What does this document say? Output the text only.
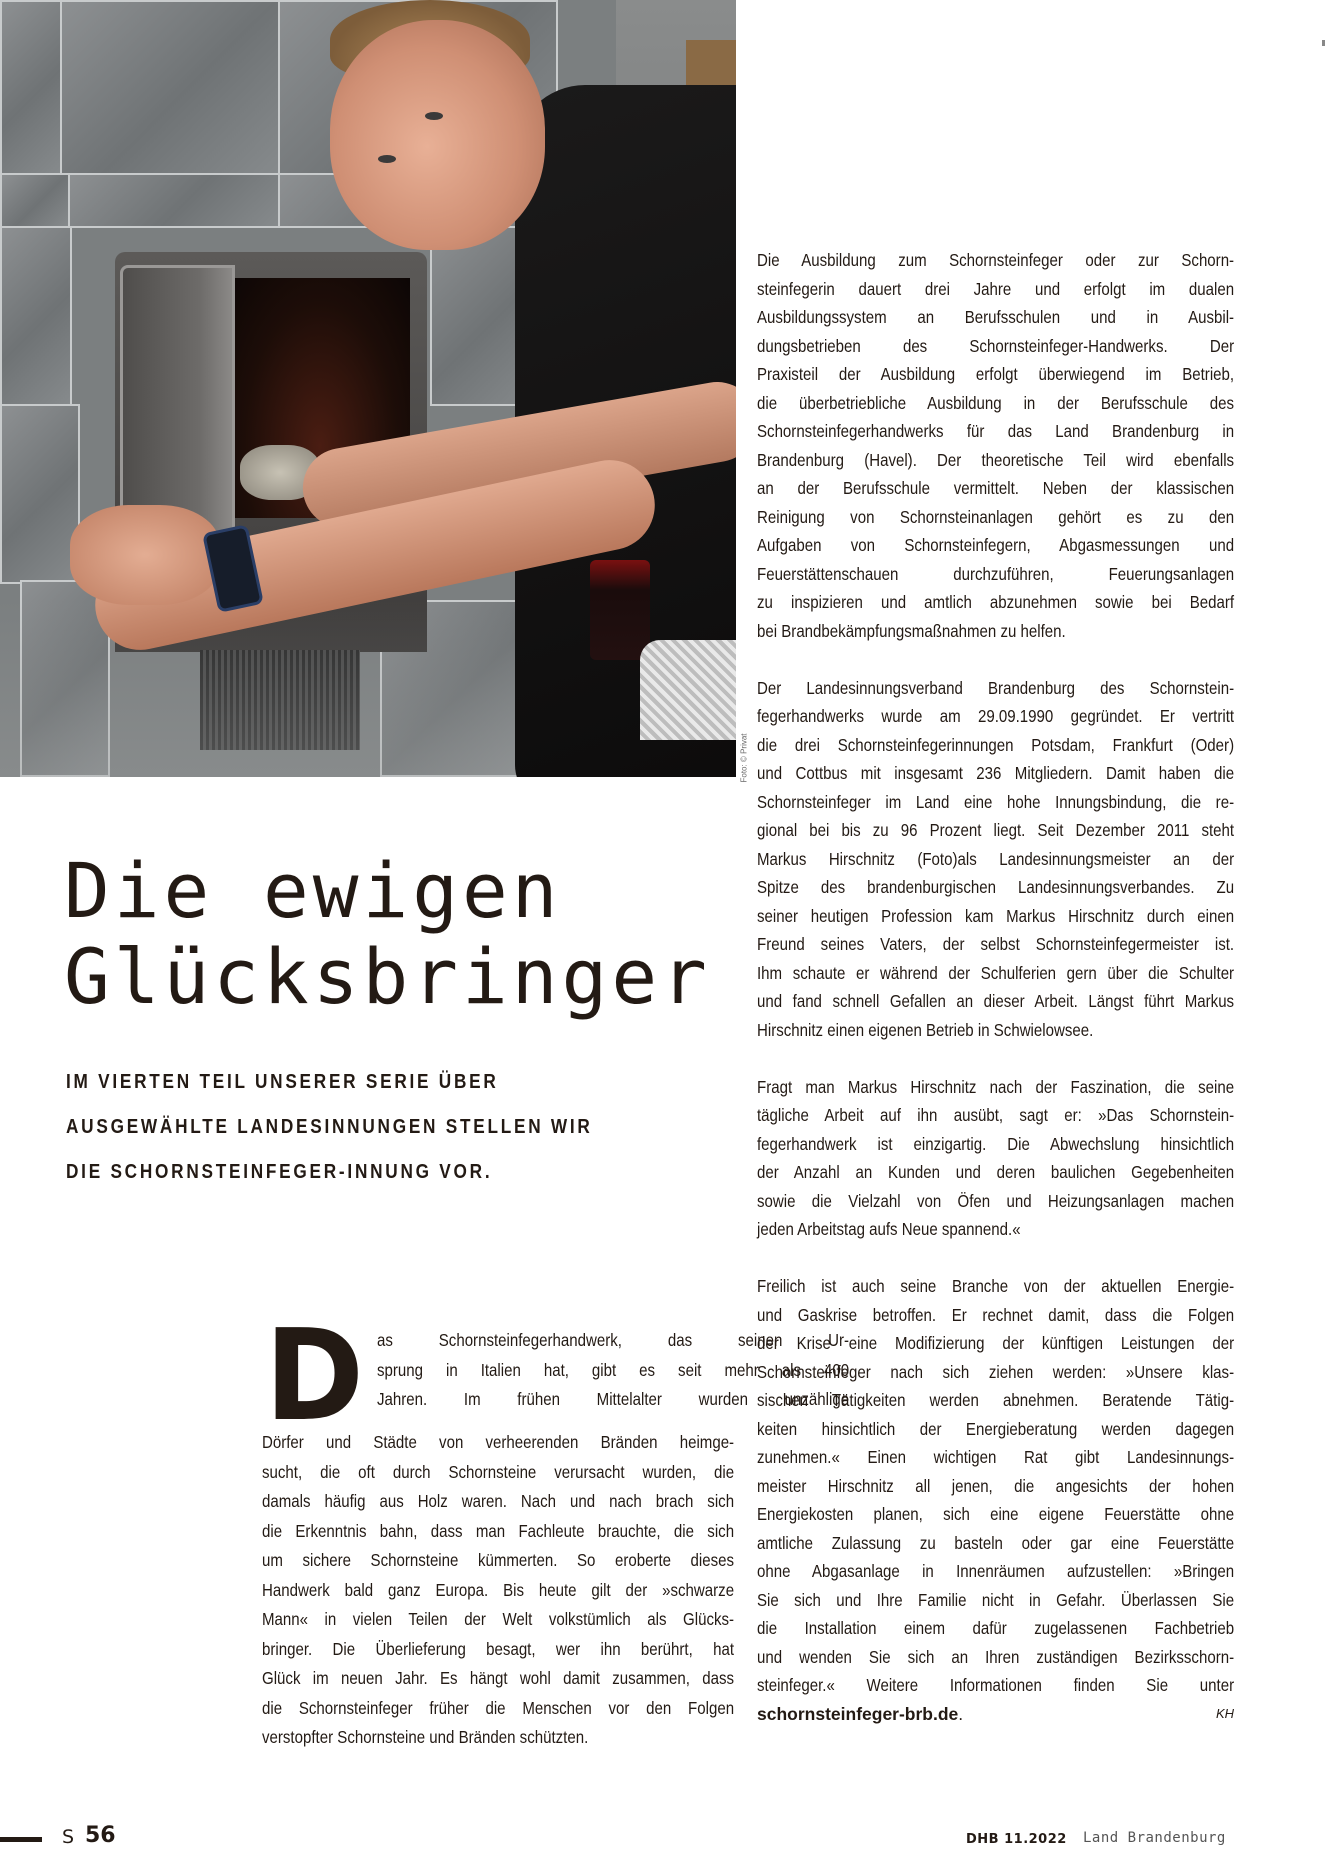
Foto: © Privat
Die ewigen
Glücksbringer
IM VIERTEN TEIL UNSERER SERIE ÜBER
AUSGEWÄHLTE LANDESINNUNGEN STELLEN WIR
DIE SCHORNSTEINFEGER-INNUNG VOR.

D as Schornsteinfegerhandwerk, das seinen Ur-
sprung in Italien hat, gibt es seit mehr als 400
Jahren. Im frühen Mittelalter wurden unzählige
Dörfer und Städte von verheerenden Bränden heimge-
sucht, die oft durch Schornsteine verursacht wurden, die
damals häufig aus Holz waren. Nach und nach brach sich
die Erkenntnis bahn, dass man Fachleute brauchte, die sich
um sichere Schornsteine kümmerten. So eroberte dieses
Handwerk bald ganz Europa. Bis heute gilt der »schwarze
Mann« in vielen Teilen der Welt volkstümlich als Glücks-
bringer. Die Überlieferung besagt, wer ihn berührt, hat
Glück im neuen Jahr. Es hängt wohl damit zusammen, dass
die Schornsteinfeger früher die Menschen vor den Folgen
verstopfter Schornsteine und Bränden schützten.

Die Ausbildung zum Schornsteinfeger oder zur Schorn-
steinfegerin dauert drei Jahre und erfolgt im dualen
Ausbildungssystem an Berufsschulen und in Ausbil-
dungsbetrieben des Schornsteinfeger-Handwerks. Der
Praxisteil der Ausbildung erfolgt überwiegend im Betrieb,
die überbetriebliche Ausbildung in der Berufsschule des
Schornsteinfegerhandwerks für das Land Brandenburg in
Brandenburg (Havel). Der theoretische Teil wird ebenfalls
an der Berufsschule vermittelt. Neben der klassischen
Reinigung von Schornsteinanlagen gehört es zu den
Aufgaben von Schornsteinfegern, Abgasmessungen und
Feuerstättenschauen durchzuführen, Feuerungsanlagen
zu inspizieren und amtlich abzunehmen sowie bei Bedarf
bei Brandbekämpfungsmaßnahmen zu helfen.

Der Landesinnungsverband Brandenburg des Schornstein-
fegerhandwerks wurde am 29.09.1990 gegründet. Er vertritt
die drei Schornsteinfegerinnungen Potsdam, Frankfurt (Oder)
und Cottbus mit insgesamt 236 Mitgliedern. Damit haben die
Schornsteinfeger im Land eine hohe Innungsbindung, die re-
gional bei bis zu 96 Prozent liegt. Seit Dezember 2011 steht
Markus Hirschnitz (Foto)als Landesinnungsmeister an der
Spitze des brandenburgischen Landesinnungsverbandes. Zu
seiner heutigen Profession kam Markus Hirschnitz durch einen
Freund seines Vaters, der selbst Schornsteinfegermeister ist.
Ihm schaute er während der Schulferien gern über die Schulter
und fand schnell Gefallen an dieser Arbeit. Längst führt Markus
Hirschnitz einen eigenen Betrieb in Schwielowsee.

Fragt man Markus Hirschnitz nach der Faszination, die seine
tägliche Arbeit auf ihn ausübt, sagt er: »Das Schornstein-
fegerhandwerk ist einzigartig. Die Abwechslung hinsichtlich
der Anzahl an Kunden und deren baulichen Gegebenheiten
sowie die Vielzahl von Öfen und Heizungsanlagen machen
jeden Arbeitstag aufs Neue spannend.«

Freilich ist auch seine Branche von der aktuellen Energie-
und Gaskrise betroffen. Er rechnet damit, dass die Folgen
der Krise eine Modifizierung der künftigen Leistungen der
Schornsteinfeger nach sich ziehen werden: »Unsere klas-
sischen Tätigkeiten werden abnehmen. Beratende Tätig-
keiten hinsichtlich der Energieberatung werden dagegen
zunehmen.« Einen wichtigen Rat gibt Landesinnungs-
meister Hirschnitz all jenen, die angesichts der hohen
Energiekosten planen, sich eine eigene Feuerstätte ohne
amtliche Zulassung zu basteln oder gar eine Feuerstätte
ohne Abgasanlage in Innenräumen aufzustellen: »Bringen
Sie sich und Ihre Familie nicht in Gefahr. Überlassen Sie
die Installation einem dafür zugelassenen Fachbetrieb
und wenden Sie sich an Ihren zuständigen Bezirksschorn-
steinfeger.« Weitere Informationen finden Sie unter
schornsteinfeger-brb.de.	KH

S 56	DHB 11.2022 Land Brandenburg
